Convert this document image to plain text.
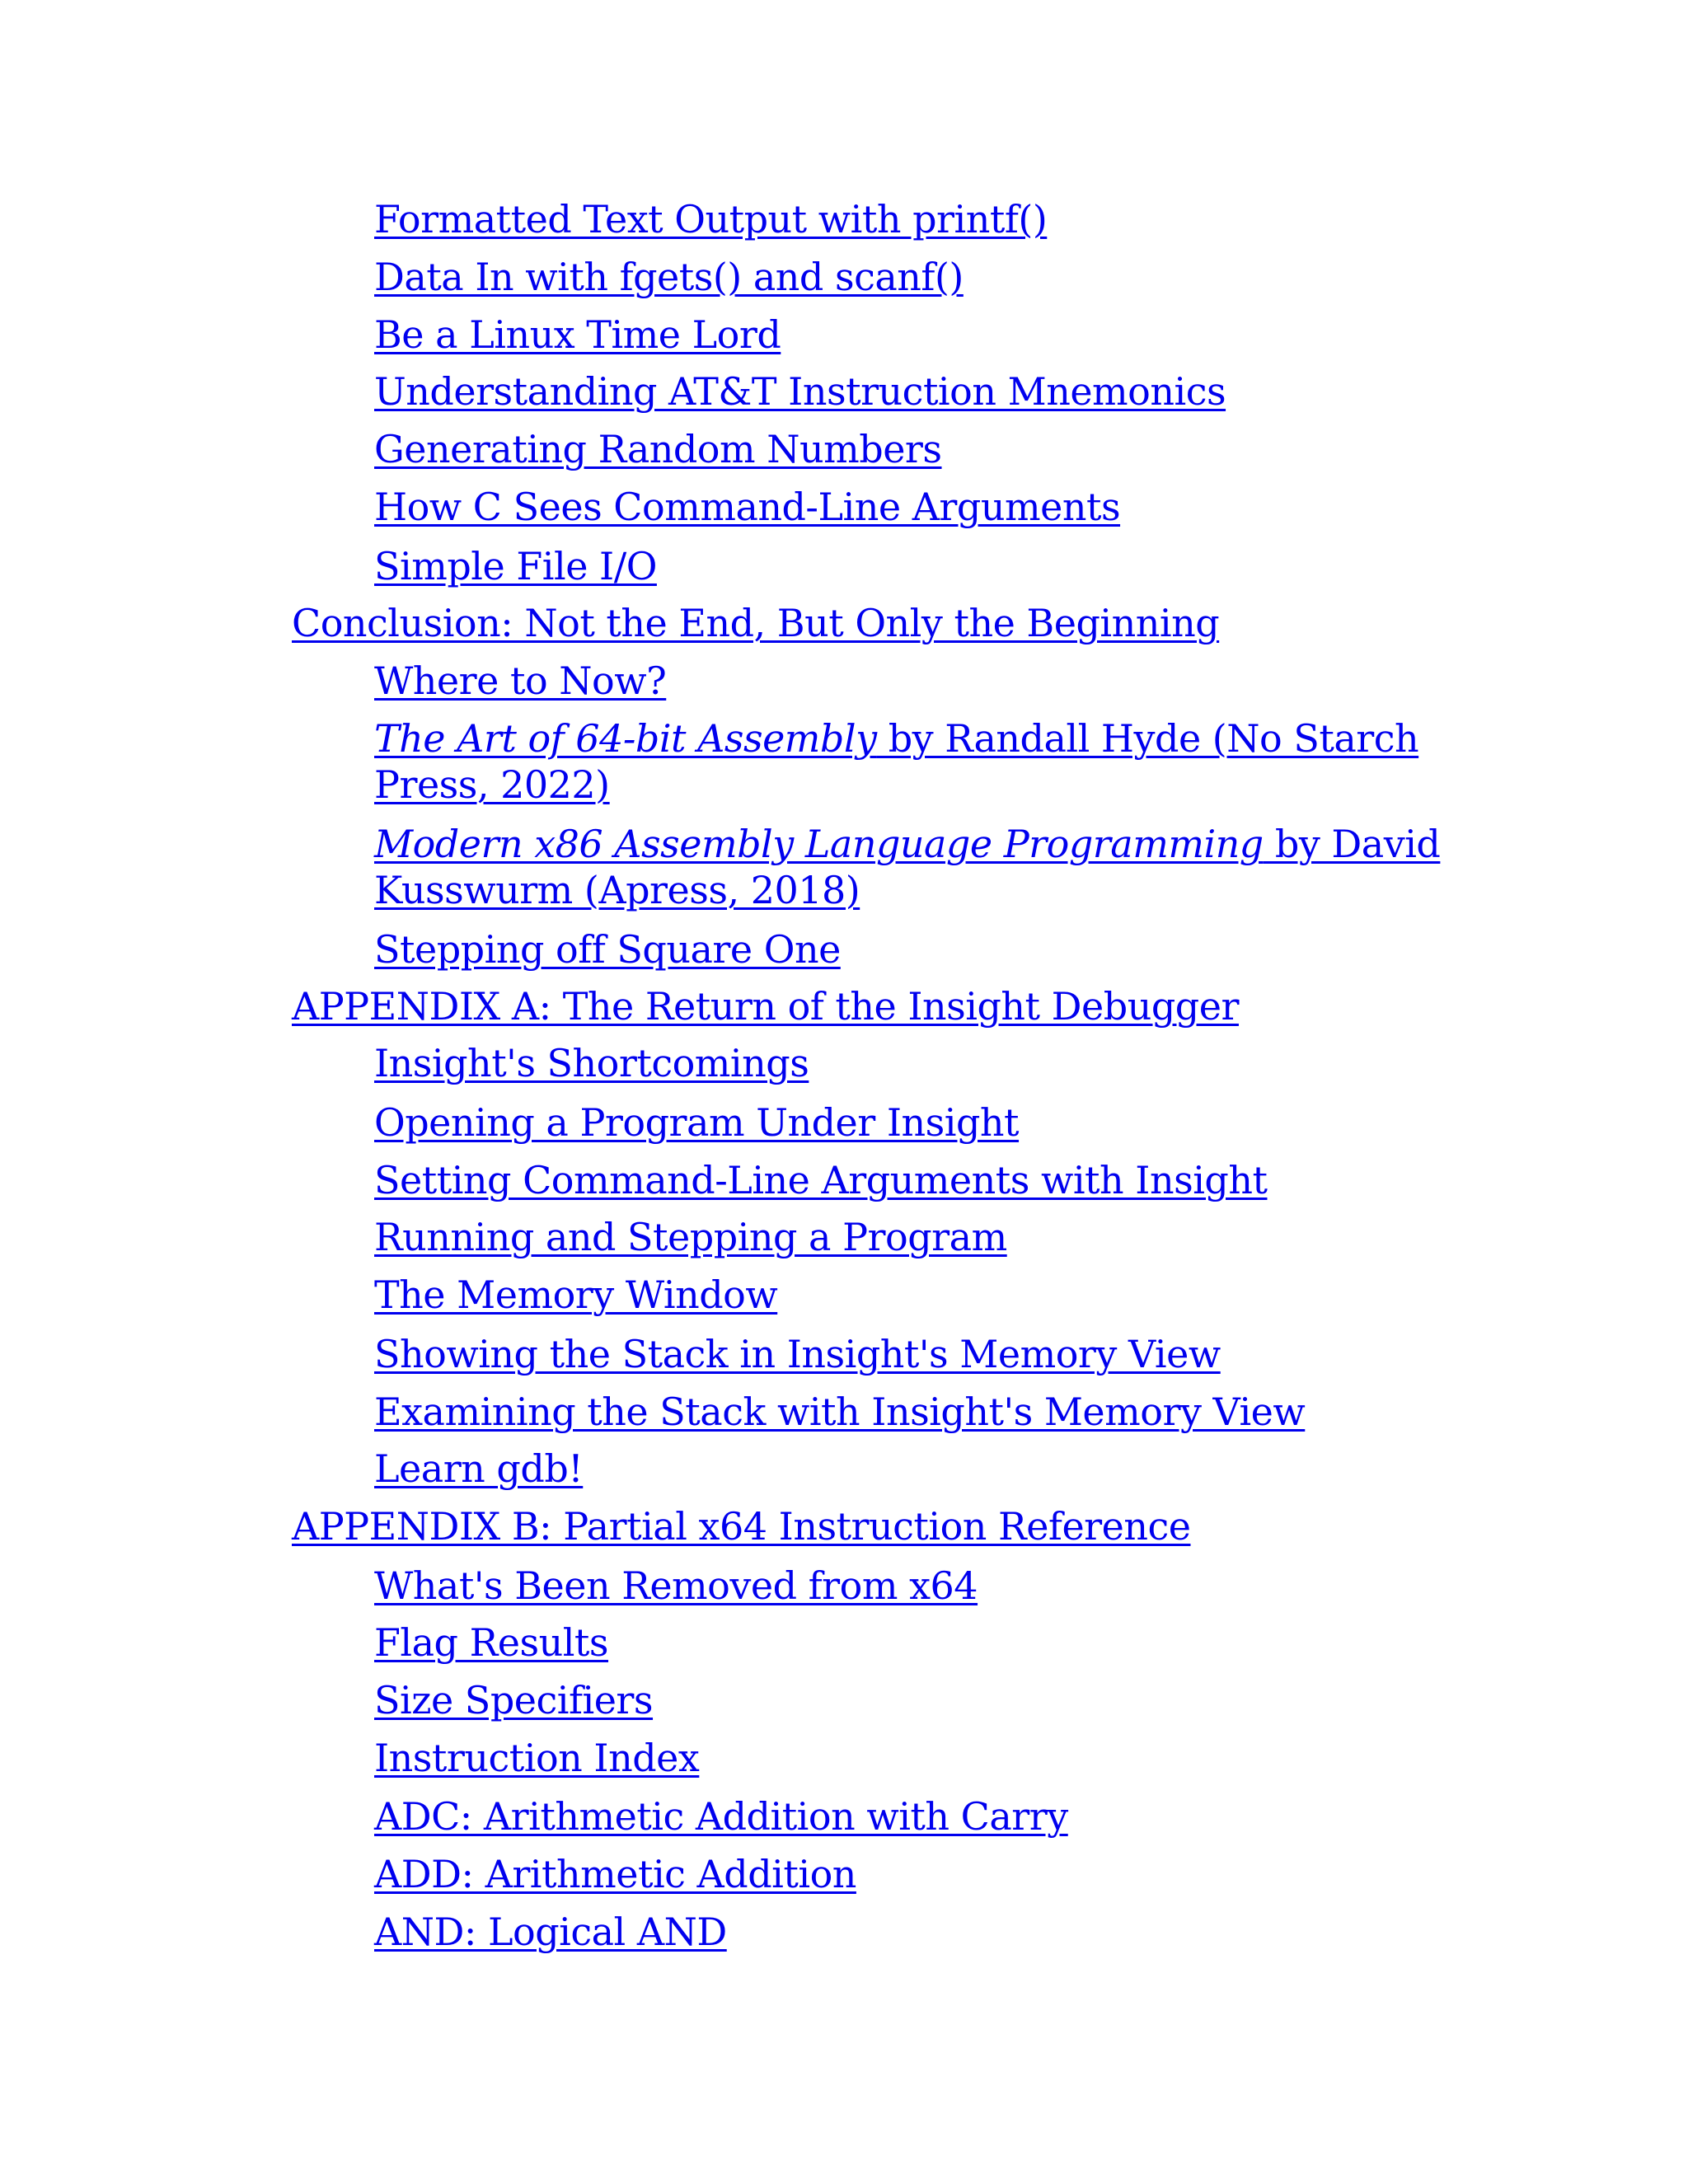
Formatted Text Output with printf()
Data In with fgets() and scanf()
Be a Linux Time Lord
Understanding AT&T Instruction Mnemonics
Generating Random Numbers
How C Sees Command-Line Arguments
Simple File I/O
Conclusion: Not the End, But Only the Beginning
Where to Now?
The Art of 64-bit Assembly by Randall Hyde (No Starch Press, 2022)
Modern x86 Assembly Language Programming by David Kusswurm (Apress, 2018)
Stepping off Square One
APPENDIX A: The Return of the Insight Debugger
Insight's Shortcomings
Opening a Program Under Insight
Setting Command-Line Arguments with Insight
Running and Stepping a Program
The Memory Window
Showing the Stack in Insight's Memory View
Examining the Stack with Insight's Memory View
Learn gdb!
APPENDIX B: Partial x64 Instruction Reference
What's Been Removed from x64
Flag Results
Size Specifiers
Instruction Index
ADC: Arithmetic Addition with Carry
ADD: Arithmetic Addition
AND: Logical AND
